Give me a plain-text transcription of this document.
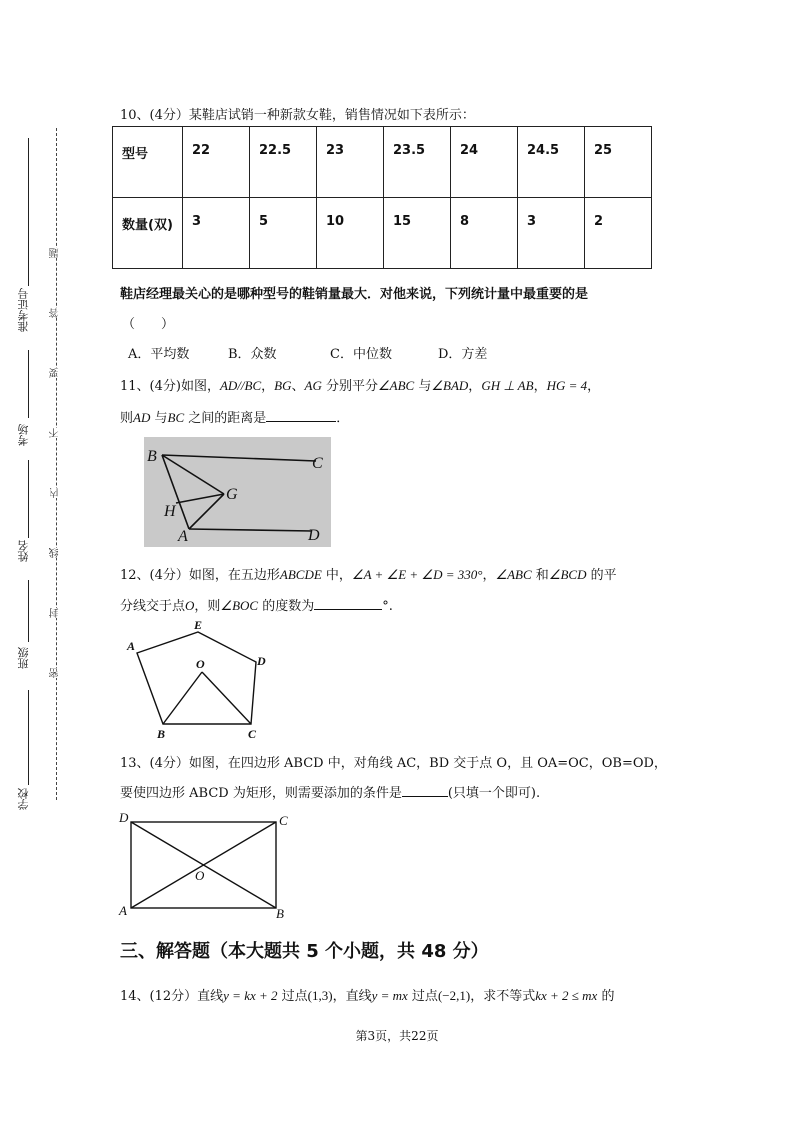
准考证号
考场
姓名
班级
学校
题
答
要
不
内
线
封
密
10、(4分）某鞋店试销一种新款女鞋，销售情况如下表所示：
型号	22	22.5	23	23.5	24	24.5	25
数量(双)	3	5	10	15	8	3	2
鞋店经理最关心的是哪种型号的鞋销量最大．对他来说，下列统计量中最重要的是
（　　）
A．平均数	B．众数	C．中位数	D．方差
11、(4分)如图，AD//BC，BG、AG 分别平分∠ABC 与∠BAD，GH ⊥ AB，HG = 4，
则AD 与BC 之间的距离是	．
B	C
G
H
A	D
12、(4分）如图，在五边形ABCDE 中，∠A + ∠E + ∠D = 330°，∠ABC 和∠BCD 的平
分线交于点O，则∠BOC 的度数为	°.
A
E
D
O
B	C
13、(4分）如图，在四边形 ABCD 中，对角线 AC，BD 交于点 O，且 OA=OC，OB=OD，
要使四边形 ABCD 为矩形，则需要添加的条件是	(只填一个即可).
D	C
O
A	B
三、解答题（本大题共 5 个小题，共 48 分）
14、(12分）直线y = kx + 2 过点(1,3)，直线y = mx 过点(−2,1)，求不等式kx + 2 ≤ mx 的
第3页，共22页
